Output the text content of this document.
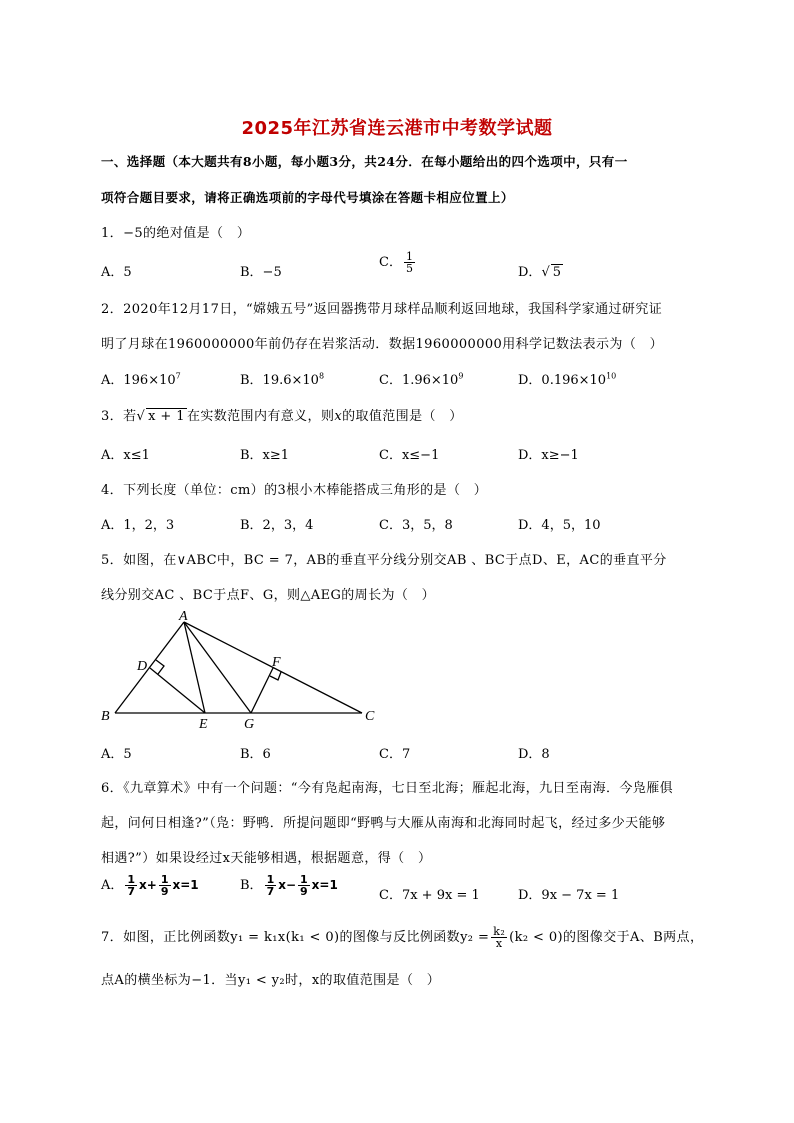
2025年江苏省连云港市中考数学试题
一、选择题（本大题共有8小题，每小题3分，共24分．在每小题给出的四个选项中，只有一
项符合题目要求，请将正确选项前的字母代号填涂在答题卡相应位置上）
1．−5的绝对值是（　）
A．5	B．−5
C． $\frac{1}{5}$	D．√ 5
2．2020年12月17日，“嫦娥五号”返回器携带月球样品顺利返回地球，我国科学家通过研究证
明了月球在1960000000年前仍存在岩浆活动．数据1960000000用科学记数法表示为（　）
A．$196\times 10^7$	B．$19.6\times 10^8$	C．$1.96\times 10^9$	D．$0.196\times 10^{10}$
3．若√ x + 1 在实数范围内有意义，则x的取值范围是（　）
A．x≤1	B．x≥1	C．x≤−1	D．x≥−1
4．下列长度（单位：cm）的3根小木棒能搭成三角形的是（　）
A．1，2，3	B．2，3，4	C．3，5，8	D．4，5，10
5．如图，在∨ABC中，BC = 7，AB的垂直平分线分别交AB 、BC于点D、E，AC的垂直平分
线分别交AC 、BC于点F、G，则△AEG的周长为（　）
A
B	C
D
E
F
G
A．5	B．6	C．7	D．8
6．《九章算术》中有一个问题：“今有凫起南海，七日至北海；雁起北海，九日至南海．今凫雁俱
起，问何日相逢?”（凫：野鸭．所提问题即“野鸭与大雁从南海和北海同时起飞，经过多少天能够
相遇?”）如果设经过x天能够相遇，根据题意，得（　）
A． $\frac{1}{7} x+ \frac{1}{9} x=1$	B． $\frac{1}{7} x- \frac{1}{9} x=1$
C．7x + 9x = 1	D．9x − 7x = 1
7．如图，正比例函数y₁ = k₁x(k₁ < 0)的图像与反比例函数$y_2 = \frac{\text{k₂}}{x} (k_2 < 0)$的图像交于A、B两点，
点A的横坐标为−1．当y₁ < y₂时，x的取值范围是（　）
